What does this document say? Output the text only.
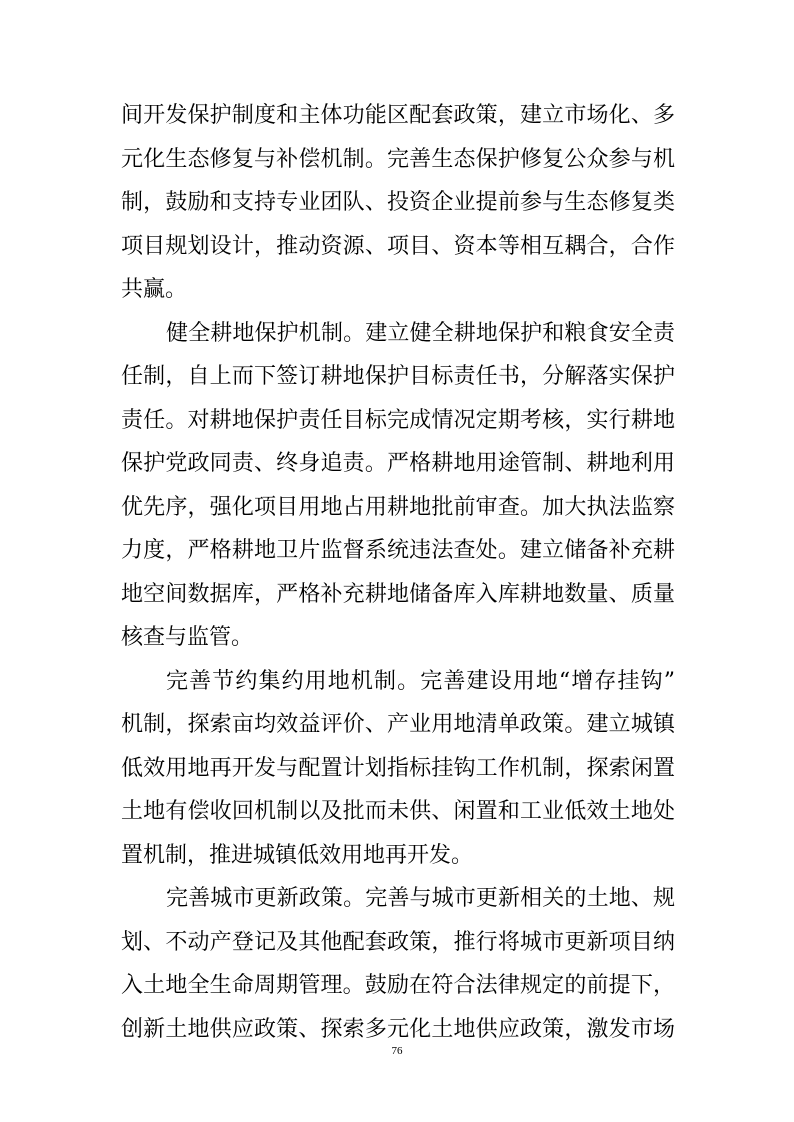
间开发保护制度和主体功能区配套政策，建立市场化、多
元化生态修复与补偿机制。完善生态保护修复公众参与机
制，鼓励和支持专业团队、投资企业提前参与生态修复类
项目规划设计，推动资源、项目、资本等相互耦合，合作
共赢。
健全耕地保护机制。建立健全耕地保护和粮食安全责
任制，自上而下签订耕地保护目标责任书，分解落实保护
责任。对耕地保护责任目标完成情况定期考核，实行耕地
保护党政同责、终身追责。严格耕地用途管制、耕地利用
优先序，强化项目用地占用耕地批前审查。加大执法监察
力度，严格耕地卫片监督系统违法查处。建立储备补充耕
地空间数据库，严格补充耕地储备库入库耕地数量、质量
核查与监管。
完善节约集约用地机制。完善建设用地“增存挂钩”
机制，探索亩均效益评价、产业用地清单政策。建立城镇
低效用地再开发与配置计划指标挂钩工作机制，探索闲置
土地有偿收回机制以及批而未供、闲置和工业低效土地处
置机制，推进城镇低效用地再开发。
完善城市更新政策。完善与城市更新相关的土地、规
划、不动产登记及其他配套政策，推行将城市更新项目纳
入土地全生命周期管理。鼓励在符合法律规定的前提下，
创新土地供应政策、探索多元化土地供应政策，激发市场
76
